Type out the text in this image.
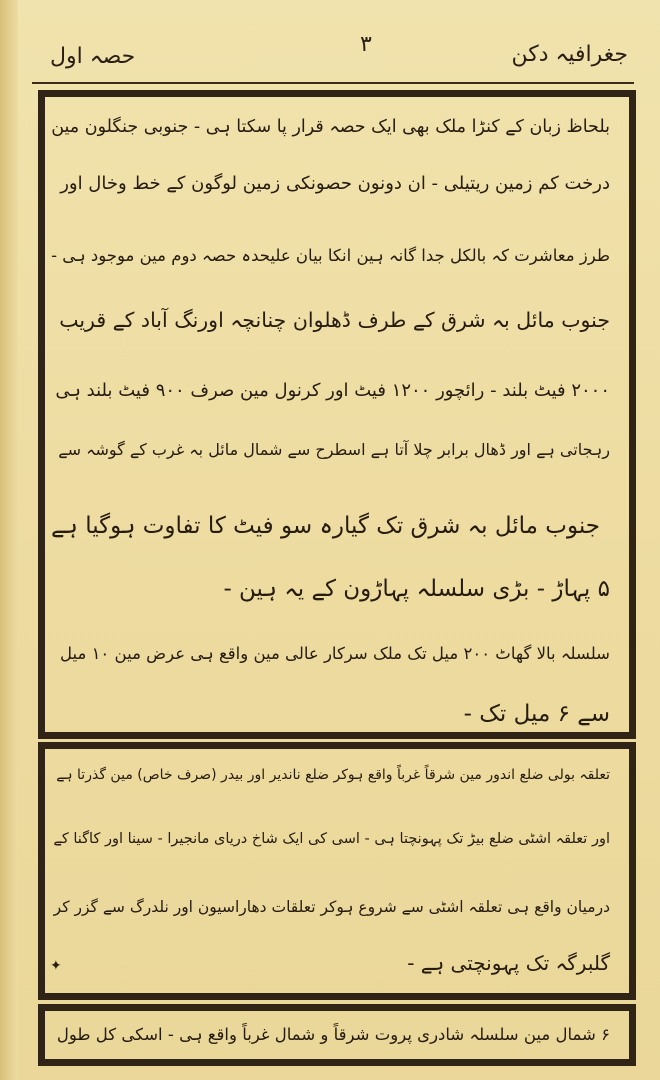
جغرافیہ دکن
۳
حصہ اول
بلحاظ زبان کے کنڑا ملک بھی ایک حصہ قرار پا سکتا ہی - جنوبی جنگلون مین
درخت کم زمین ریتیلی - ان دونون حصونکی زمین لوگون کے خط وخال اور
طرز معاشرت کہ بالکل جدا گانہ ہین انکا بیان علیحدہ حصہ دوم مین موجود ہی -
جنوب مائل بہ شرق کے طرف ڈھلوان چنانچہ اورنگ آباد کے قریب
۲۰۰۰ فیٹ بلند - رائچور ۱۲۰۰ فیٹ اور کرنول مین صرف ۹۰۰ فیٹ بلند ہی
رہجاتی ہے اور ڈھال برابر چلا آتا ہے اسطرح سے شمال مائل بہ غرب کے گوشہ سے
جنوب مائل بہ شرق تک گیارہ سو فیٹ کا تفاوت ہوگیا ہے
۵ پہاڑ - بڑی سلسلہ پہاڑون کے یہ ہین -
سلسلہ بالا گھاٹ ۲۰۰ میل تک ملک سرکار عالی مین واقع ہی عرض مین ۱۰ میل
سے ۶ میل تک -
تعلقہ بولی ضلع اندور مین شرقاً غرباً واقع ہوکر ضلع ناندیر اور بیدر (صرف خاص) مین گذرتا ہے
اور تعلقہ اشٹی ضلع بیڑ تک پہونچتا ہی - اسی کی ایک شاخ دریای مانجیرا - سینا اور کاگنا کے
درمیان واقع ہی تعلقہ اشٹی سے شروع ہوکر تعلقات دھاراسیون اور نلدرگ سے گزر کر
گلبرگہ تک پہونچتی ہے -
✦
۶ شمال مین سلسلہ شادری پروت شرقاً و شمال غرباً واقع ہی - اسکی کل طول
